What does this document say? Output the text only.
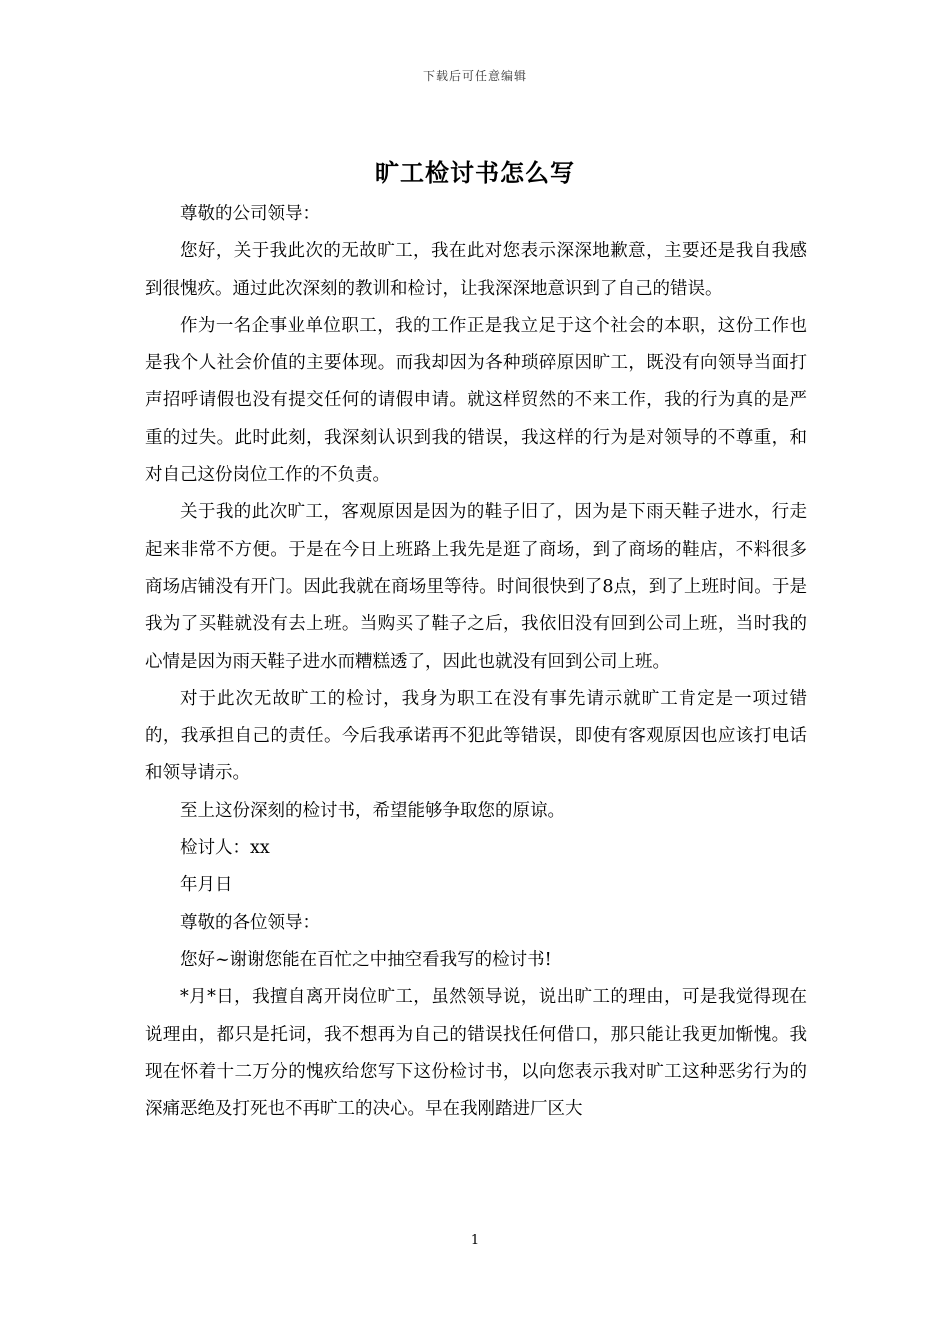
下载后可任意编辑
旷工检讨书怎么写

尊敬的公司领导：

您好，关于我此次的无故旷工，我在此对您表示深深地歉意，主要还是我自我感到很愧疚。通过此次深刻的教训和检讨，让我深深地意识到了自己的错误。

作为一名企事业单位职工，我的工作正是我立足于这个社会的本职，这份工作也是我个人社会价值的主要体现。而我却因为各种琐碎原因旷工，既没有向领导当面打声招呼请假也没有提交任何的请假申请。就这样贸然的不来工作，我的行为真的是严重的过失。此时此刻，我深刻认识到我的错误，我这样的行为是对领导的不尊重，和对自己这份岗位工作的不负责。

关于我的此次旷工，客观原因是因为的鞋子旧了，因为是下雨天鞋子进水，行走起来非常不方便。于是在今日上班路上我先是逛了商场，到了商场的鞋店，不料很多商场店铺没有开门。因此我就在商场里等待。时间很快到了8点，到了上班时间。于是我为了买鞋就没有去上班。当购买了鞋子之后，我依旧没有回到公司上班，当时我的心情是因为雨天鞋子进水而糟糕透了，因此也就没有回到公司上班。

对于此次无故旷工的检讨，我身为职工在没有事先请示就旷工肯定是一项过错的，我承担自己的责任。今后我承诺再不犯此等错误，即使有客观原因也应该打电话和领导请示。

至上这份深刻的检讨书，希望能够争取您的原谅。

检讨人：xx

年月日

尊敬的各位领导：

您好~谢谢您能在百忙之中抽空看我写的检讨书!

*月*日，我擅自离开岗位旷工，虽然领导说，说出旷工的理由，可是我觉得现在说理由，都只是托词，我不想再为自己的错误找任何借口，那只能让我更加惭愧。我现在怀着十二万分的愧疚给您写下这份检讨书，以向您表示我对旷工这种恶劣行为的深痛恶绝及打死也不再旷工的决心。早在我刚踏进厂区大

1
